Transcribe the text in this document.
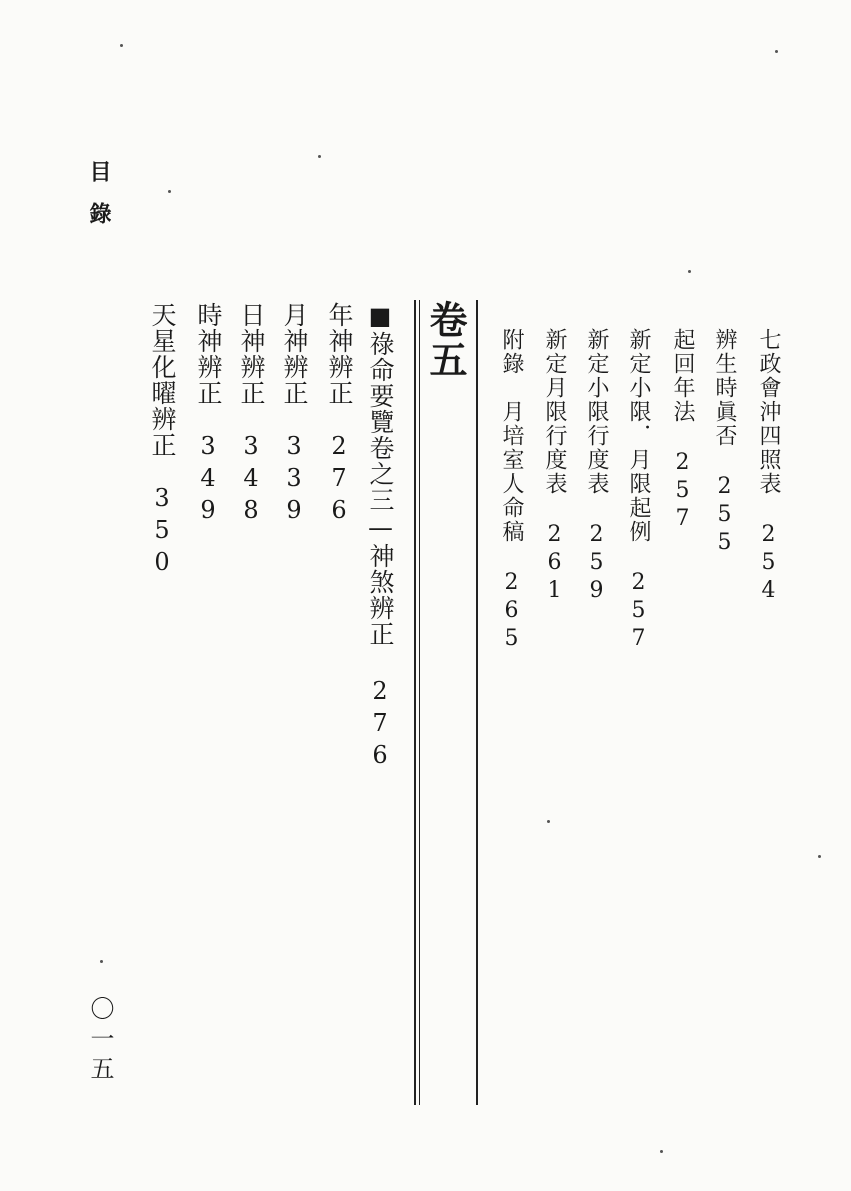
目錄
七政會沖四照表254
辨生時眞否255
起回年法257
新定小限．月限起例257
新定小限行度表259
新定月限行度表261
附錄　月培室人命稿265
卷五
■祿命要覽卷之三—神煞辨正276
年神辨正276
月神辨正339
日神辨正348
時神辨正349
天星化曜辨正350
〇一五
